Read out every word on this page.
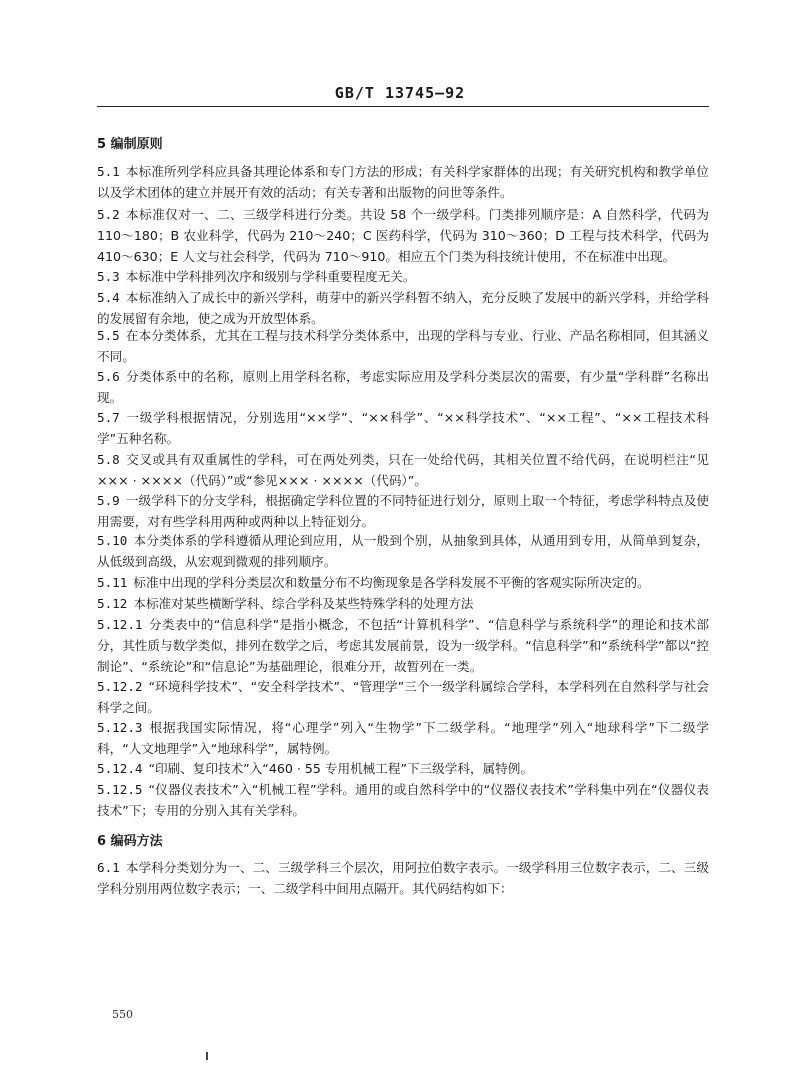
GB/T 13745—92
5 编制原则
5.1 本标准所列学科应具备其理论体系和专门方法的形成；有关科学家群体的出现；有关研究机构和教学单位以及学术团体的建立并展开有效的活动；有关专著和出版物的问世等条件。
5.2 本标准仅对一、二、三级学科进行分类。共设 58 个一级学科。门类排列顺序是：A 自然科学，代码为 110～180；B 农业科学，代码为 210～240；C 医药科学，代码为 310～360；D 工程与技术科学，代码为 410～630；E 人文与社会科学，代码为 710～910。相应五个门类为科技统计使用，不在标准中出现。
5.3 本标准中学科排列次序和级别与学科重要程度无关。
5.4 本标准纳入了成长中的新兴学科，萌芽中的新兴学科暂不纳入，充分反映了发展中的新兴学科，并给学科的发展留有余地，使之成为开放型体系。
5.5 在本分类体系，尤其在工程与技术科学分类体系中，出现的学科与专业、行业、产品名称相同，但其涵义不同。
5.6 分类体系中的名称，原则上用学科名称，考虑实际应用及学科分类层次的需要，有少量“学科群”名称出现。
5.7 一级学科根据情况，分别选用“××学”、“××科学”、“××科学技术”、“××工程”、“××工程技术科学”五种名称。
5.8 交叉或具有双重属性的学科，可在两处列类，只在一处给代码，其相关位置不给代码，在说明栏注“见××× · ××××（代码）”或“参见××× · ××××（代码）”。
5.9 一级学科下的分支学科，根据确定学科位置的不同特征进行划分，原则上取一个特征，考虑学科特点及使用需要，对有些学科用两种或两种以上特征划分。
5.10 本分类体系的学科遵循从理论到应用，从一般到个别，从抽象到具体，从通用到专用，从简单到复杂，从低级到高级，从宏观到微观的排列顺序。
5.11 标准中出现的学科分类层次和数量分布不均衡现象是各学科发展不平衡的客观实际所决定的。
5.12 本标准对某些横断学科、综合学科及某些特殊学科的处理方法
5.12.1 分类表中的“信息科学”是指小概念，不包括“计算机科学”、“信息科学与系统科学”的理论和技术部分，其性质与数学类似，排列在数学之后，考虑其发展前景，设为一级学科。“信息科学”和“系统科学”都以“控制论”、“系统论”和“信息论”为基础理论，很难分开，故暂列在一类。
5.12.2 “环境科学技术”、“安全科学技术”、“管理学”三个一级学科属综合学科，本学科列在自然科学与社会科学之间。
5.12.3 根据我国实际情况，将“心理学”列入“生物学”下二级学科。“地理学”列入“地球科学”下二级学科，“人文地理学”入“地球科学”，属特例。
5.12.4 “印刷、复印技术”入“460 · 55 专用机械工程”下三级学科，属特例。
5.12.5 “仪器仪表技术”入“机械工程”学科。通用的或自然科学中的“仪器仪表技术”学科集中列在“仪器仪表技术”下；专用的分别入其有关学科。
6 编码方法
6.1 本学科分类划分为一、二、三级学科三个层次，用阿拉伯数字表示。一级学科用三位数字表示，二、三级学科分别用两位数字表示；一、二级学科中间用点隔开。其代码结构如下：
550
